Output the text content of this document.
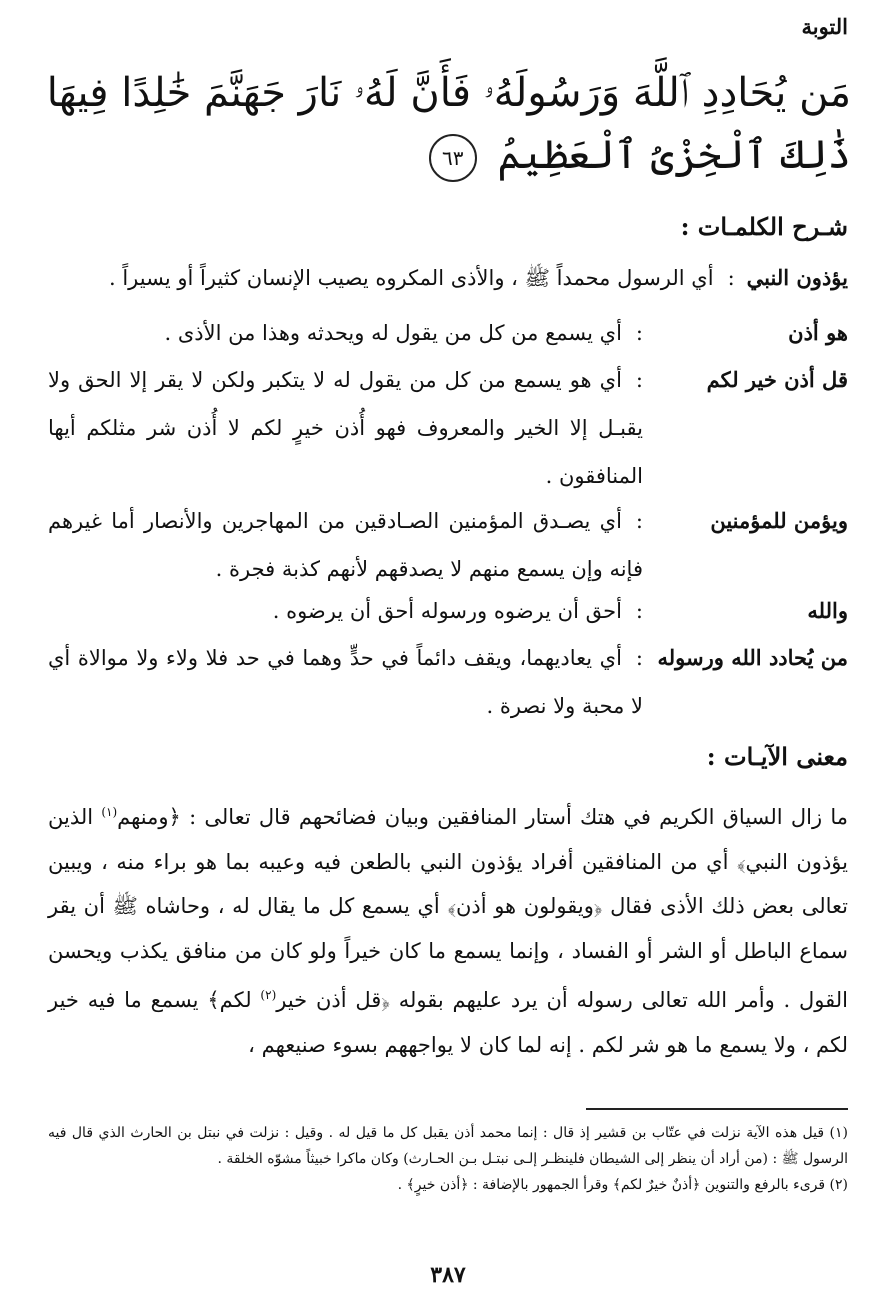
التوبة
مَن يُحَادِدِ ٱللَّهَ وَرَسُولَهُۥ فَأَنَّ لَهُۥ نَارَ جَهَنَّمَ خَٰلِدًا فِيهَا
ذَٰلِكَ ٱلْخِزْىُ ٱلْعَظِيمُ ٦٣
شـرح الكلمـات :
يؤذون النبي:أي الرسول محمداً ﷺ ، والأذى المكروه يصيب الإنسان كثيراً أو يسيراً .
هو أذن
:أي يسمع من كل من يقول له ويحدثه وهذا من الأذى .
قل أذن خير لكم
:أي هو يسمع من كل من يقول له لا يتكبر ولكن لا يقر إلا الحق ولا يقبـل إلا الخير والمعروف فهو أُذن خيرٍ لكم لا أُذن شر مثلكم أيها المنافقون .
ويؤمن للمؤمنين
:أي يصـدق المؤمنين الصـادقين من المهاجرين والأنصار أما غيرهم فإنه وإن يسمع منهم لا يصدقهم لأنهم كذبة فجرة .
والله
:أحق أن يرضوه ورسوله أحق أن يرضوه .
من يُحادد الله ورسوله
:أي يعاديهما، ويقف دائماً في حدٍّ وهما في حد فلا ولاء ولا موالاة أي لا محبة ولا نصرة .
معنى الآيـات :
ما زال السياق الكريم في هتك أستار المنافقين وبيان فضائحهم قال تعالى : ﴿ومنهم$^{(١)}$ الذين يؤذون النبي﴾ أي من المنافقين أفراد يؤذون النبي بالطعن فيه وعيبه بما هو براء منه ، ويبين تعالى بعض ذلك الأذى فقال ﴿ويقولون هو أذن﴾ أي يسمع كل ما يقال له ، وحاشاه ﷺ أن يقر سماع الباطل أو الشر أو الفساد ، وإنما يسمع ما كان خيراً ولو كان من منافق يكذب ويحسن القول . وأمر الله تعالى رسوله أن يرد عليهم بقوله ﴿قل أذن خير$^{(٢)}$ لكم﴾ يسمع ما فيه خير لكم ، ولا يسمع ما هو شر لكم . إنه لما كان لا يواجههم بسوء صنيعهم ،
(١) قيل هذه الآية نزلت في عتّاب بن قشير إذ قال : إنما محمد أذن يقبل كل ما قيل له . وقيل : نزلت في نبتل بن الحارث الذي قال فيه الرسول ﷺ : (من أراد أن ينظر إلى الشيطان فلينظـر إلـى نبتـل بـن الحـارث) وكان ماكرا خبيثاً مشوّه الخلقة .
(٢) قرىء بالرفع والتنوين ﴿أذنٌ خيرٌ لكم﴾ وقرأ الجمهور بالإضافة : ﴿أذن خيرٍ﴾ .
٣٨٧
